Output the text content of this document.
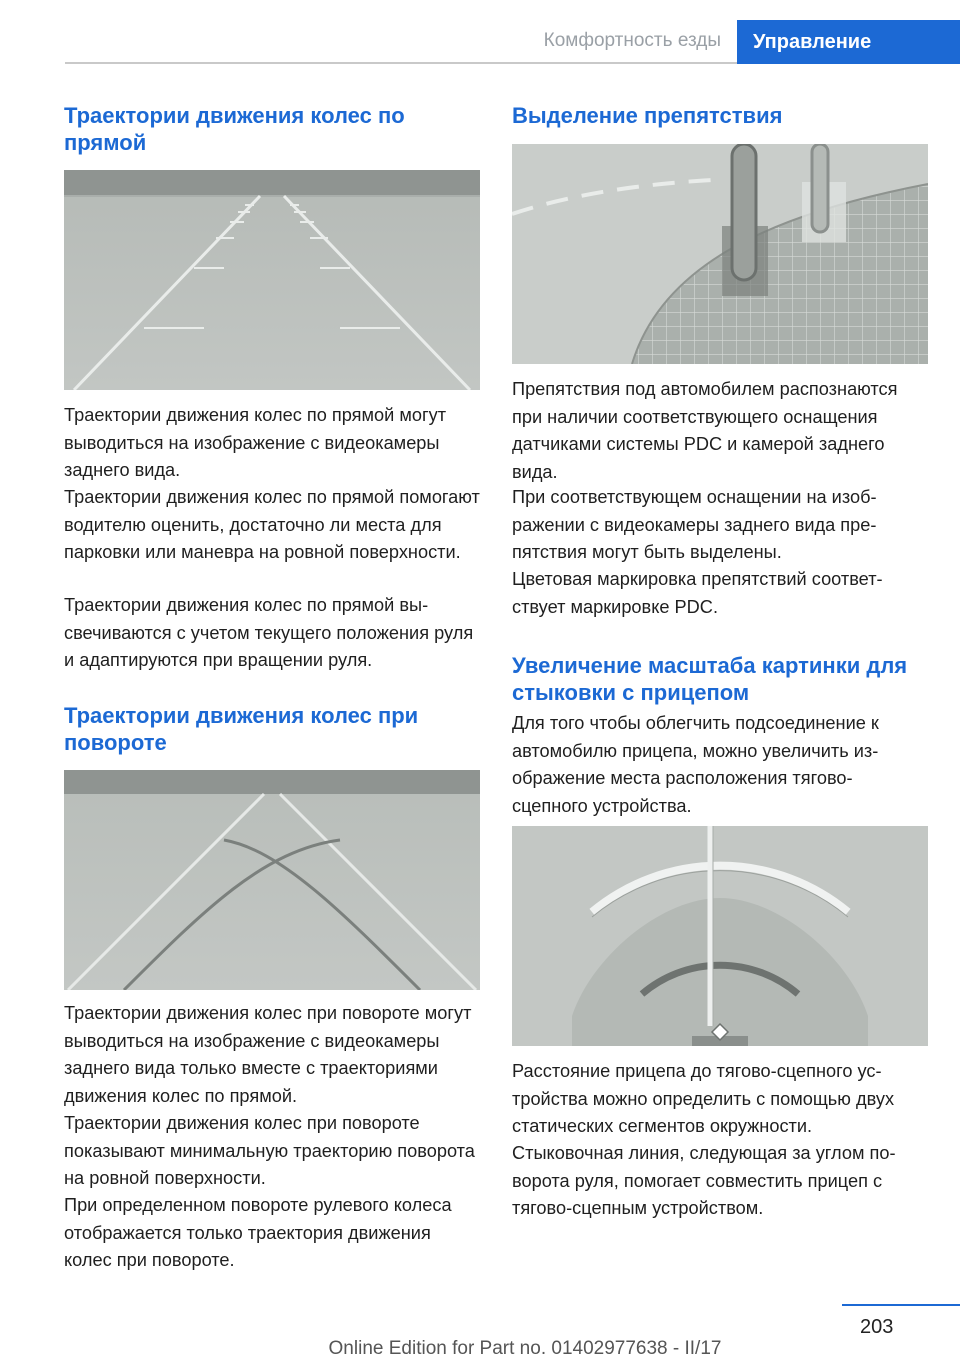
Комфортность езды	Управление
Траектории движения колес по прямой

Траектории движения колес по прямой могут выводиться на изображение с видеокамеры заднего вида.

Траектории движения колес по прямой помогают водителю оценить, достаточно ли места для парковки или маневра на ровной поверхности.

Траектории движения колес по прямой высвечиваются с учетом текущего положения руля и адаптируются при вращении руля.

Траектории движения колес при повороте

Траектории движения колес при повороте могут выводиться на изображение с видеокамеры заднего вида только вместе с траекториями движения колес по прямой.

Траектории движения колес при повороте показывают минимальную траекторию поворота на ровной поверхности.

При определенном повороте рулевого колеса отображается только траектория движения колес при повороте.

Выделение препятствия

Препятствия под автомобилем распознаются при наличии соответствующего оснащения датчиками системы PDC и камерой заднего вида.

При соответствующем оснащении на изображении с видеокамеры заднего вида препятствия могут быть выделены.

Цветовая маркировка препятствий соответствует маркировке PDC.

Увеличение масштаба картинки для стыковки с прицепом

Для того чтобы облегчить подсоединение к автомобилю прицепа, можно увеличить изображение места расположения тягово-сцепного устройства.

Расстояние прицепа до тягово-сцепного устройства можно определить с помощью двух статических сегментов окружности.

Стыковочная линия, следующая за углом поворота руля, помогает совместить прицеп с тягово-сцепным устройством.

203
Online Edition for Part no. 01402977638 - II/17
